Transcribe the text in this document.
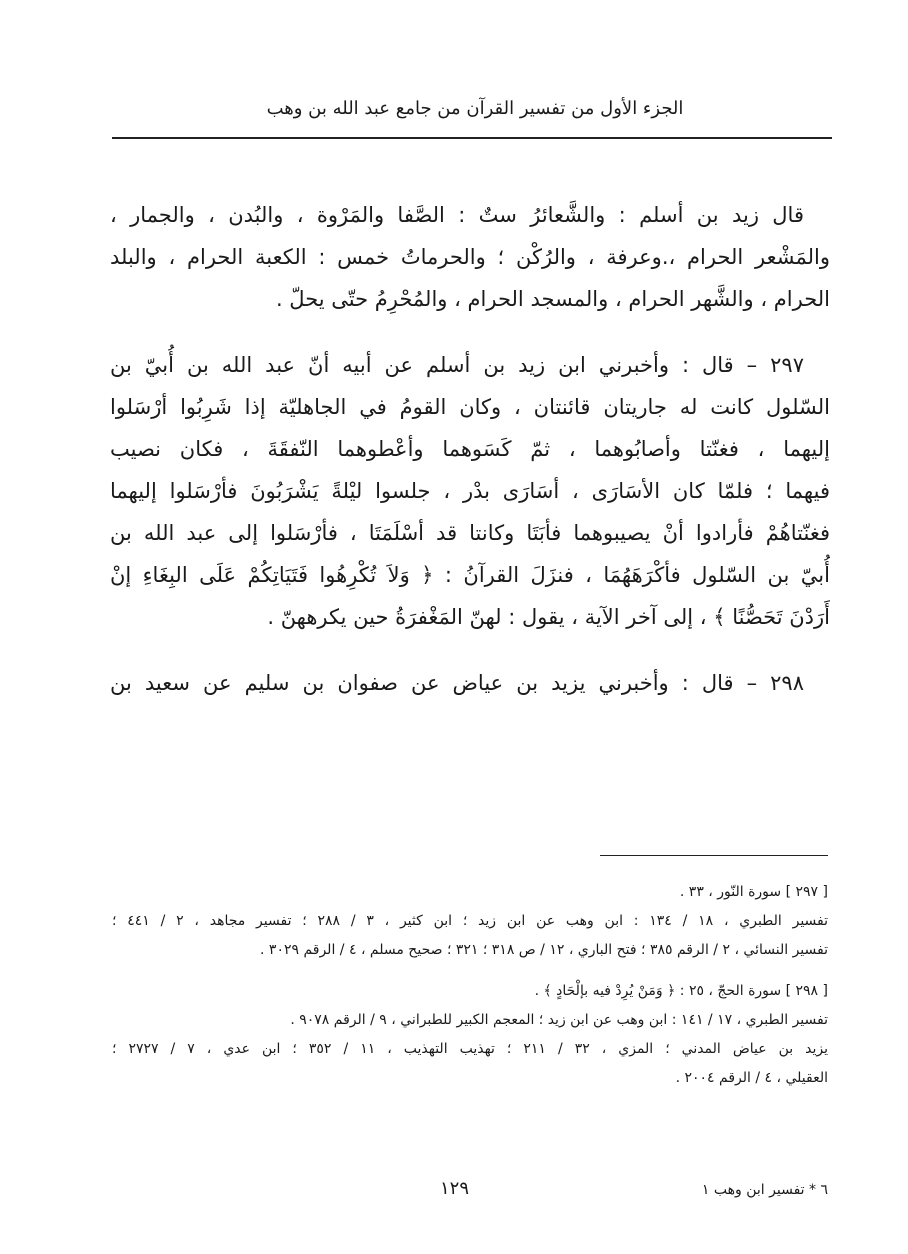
الجزء الأول من تفسير القرآن من جامع عبد الله بن وهب
قال زيد بن أسلم : والشَّعائرُ ستٌ : الصَّفا والمَرْوة ، والبُدن ، والجمار ،
والمَشْعر الحرام ،.وعرفة ، والرُكْن ؛ والحرماتُ خمس : الكعبة الحرام ، والبلد
الحرام ، والشَّهر الحرام ، والمسجد الحرام ، والمُحْرِمُ حتّى يحلّ .
٢٩٧ – قال : وأخبرني ابن زيد بن أسلم عن أبيه أنّ عبد الله بن أُبيّ بن
السّلول كانت له جاريتان قائنتان ، وكان القومُ في الجاهليّة إذا شَرِبُوا أرْسَلوا
إليهما ، فغنّتا وأصابُوهما ، ثمّ كَسَوهما وأعْطوهما النّفقَةَ ، فكان نصيب
فيهما ؛ فلمّا كان الأسَارَى ، أسَارَى بدْر ، جلسوا ليْلةً يَشْرَبُونَ فأرْسَلوا إليهما
فغنّتاهُمْ فأرادوا أنْ يصيبوهما فأبَتَا وكانتا قد أسْلَمَتَا ، فأرْسَلوا إلى عبد الله بن
أُبيّ بن السّلول فأكْرَهَهُمَا ، فنزَلَ القرآنُ : ﴿ وَلاَ تُكْرِهُوا فَتَيَاتِكُمْ عَلَى البِغَاءِ إنْ
أَرَدْنَ تَحَصُّنًا ﴾ ، إلى آخر الآية ، يقول : لهنّ المَغْفرَةُ حين يكرههنّ .
٢٩٨ – قال : وأخبرني يزيد بن عياض عن صفوان بن سليم عن سعيد بن
[ ٢٩٧ ] سورة النّور ، ٣٣ .
تفسير الطبري ، ١٨ / ١٣٤ : ابن وهب عن ابن زيد ؛ ابن كثير ، ٣ / ٢٨٨ ؛ تفسير مجاهد ، ٢ / ٤٤١ ؛
تفسير النسائي ، ٢ / الرقم ٣٨٥ ؛ فتح الباري ، ١٢ / ص ٣١٨ ؛ ٣٢١ ؛ صحيح مسلم ، ٤ / الرقم ٣٠٢٩ .
[ ٢٩٨ ] سورة الحجّ ، ٢٥ : ﴿ وَمَنْ يُرِدْ فيه بإلْحَادٍ ﴾ .
تفسير الطبري ، ١٧ / ١٤١ : ابن وهب عن ابن زيد ؛ المعجم الكبير للطبراني ، ٩ / الرقم ٩٠٧٨ .
يزيد بن عياض المدني ؛ المزي ، ٣٢ / ٢١١ ؛ تهذيب التهذيب ، ١١ / ٣٥٢ ؛ ابن عدي ، ٧ / ٢٧٢٧ ؛
العقيلي ، ٤ / الرقم ٢٠٠٤ .
١٢٩	٦ * تفسير ابن وهب ١
